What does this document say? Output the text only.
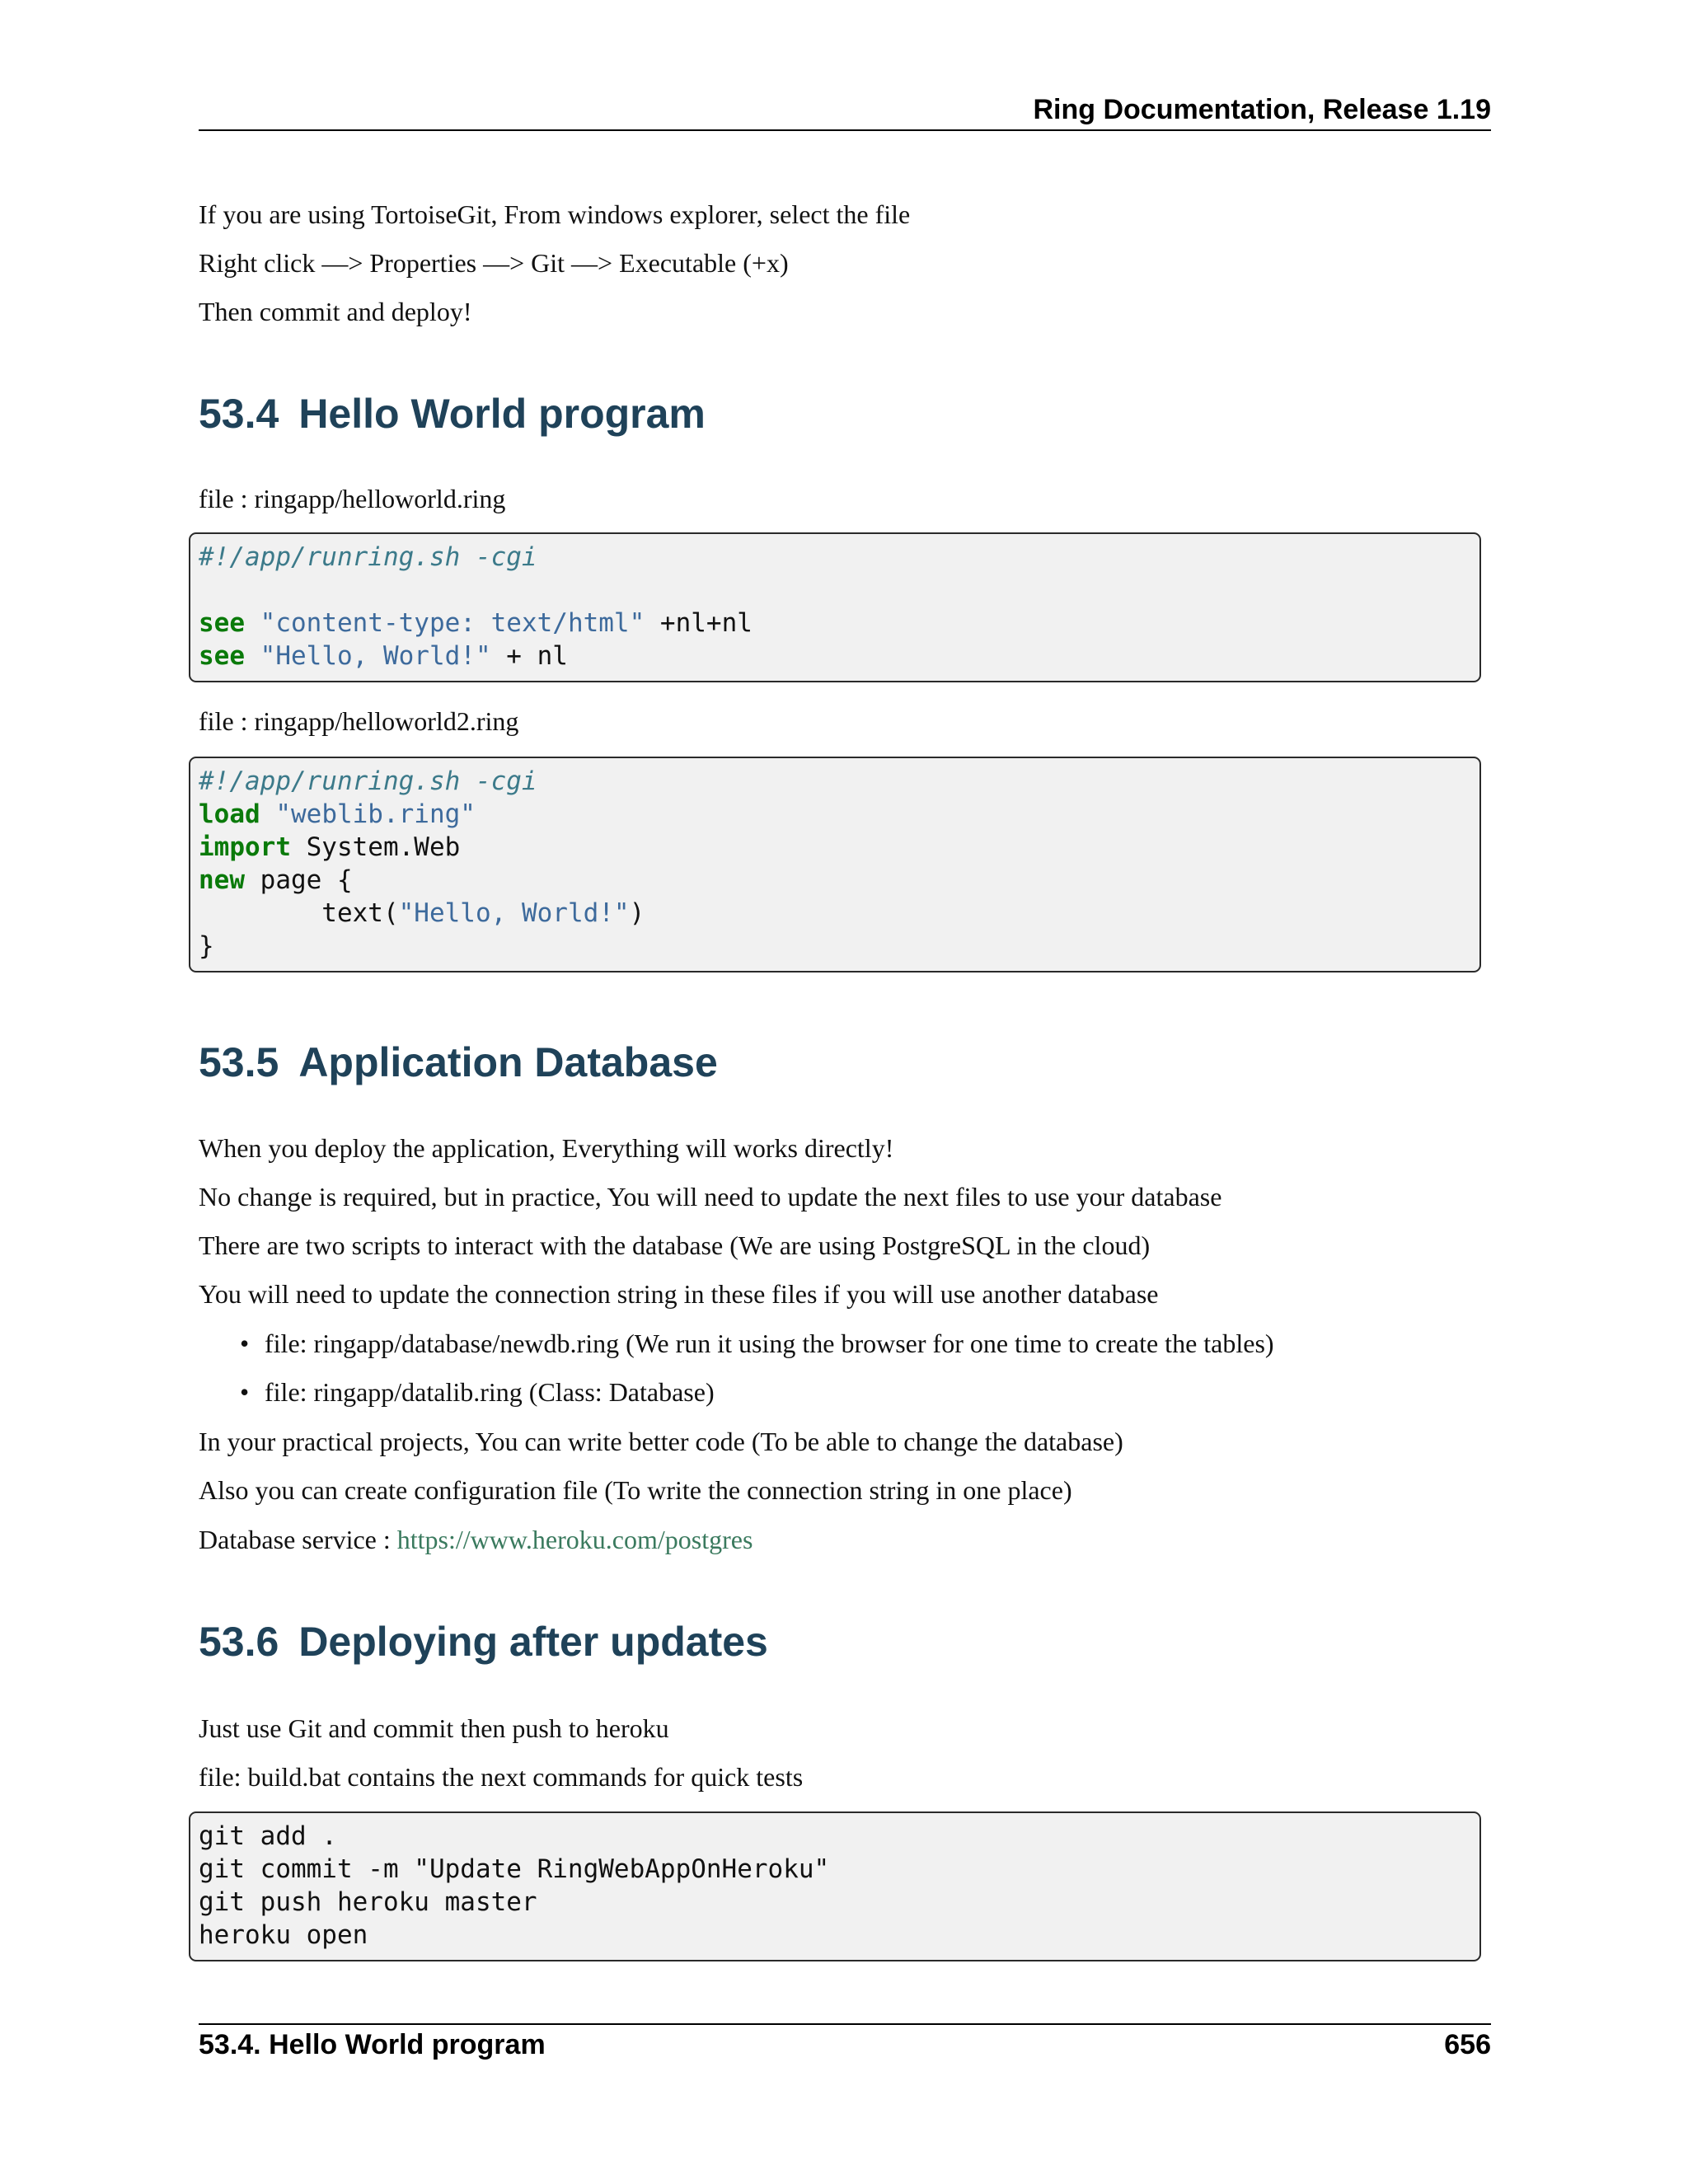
Ring Documentation, Release 1.19
If you are using TortoiseGit, From windows explorer, select the file
Right click —> Properties —> Git —> Executable (+x)
Then commit and deploy!
53.4 Hello World program
file : ringapp/helloworld.ring
#!/app/runring.sh -cgi
see "content-type: text/html" +nl+nl
see "Hello, World!" + nl
file : ringapp/helloworld2.ring
#!/app/runring.sh -cgi
load "weblib.ring"
import System.Web
new page {
text("Hello, World!")
}
53.5 Application Database
When you deploy the application, Everything will works directly!
No change is required, but in practice, You will need to update the next files to use your database
There are two scripts to interact with the database (We are using PostgreSQL in the cloud)
You will need to update the connection string in these files if you will use another database
• file: ringapp/database/newdb.ring (We run it using the browser for one time to create the tables)
• file: ringapp/datalib.ring (Class: Database)
In your practical projects, You can write better code (To be able to change the database)
Also you can create configuration file (To write the connection string in one place)
Database service : https://www.heroku.com/postgres
53.6 Deploying after updates
Just use Git and commit then push to heroku
file: build.bat contains the next commands for quick tests
git add .
git commit -m "Update RingWebAppOnHeroku"
git push heroku master
heroku open
53.4. Hello World program	656
